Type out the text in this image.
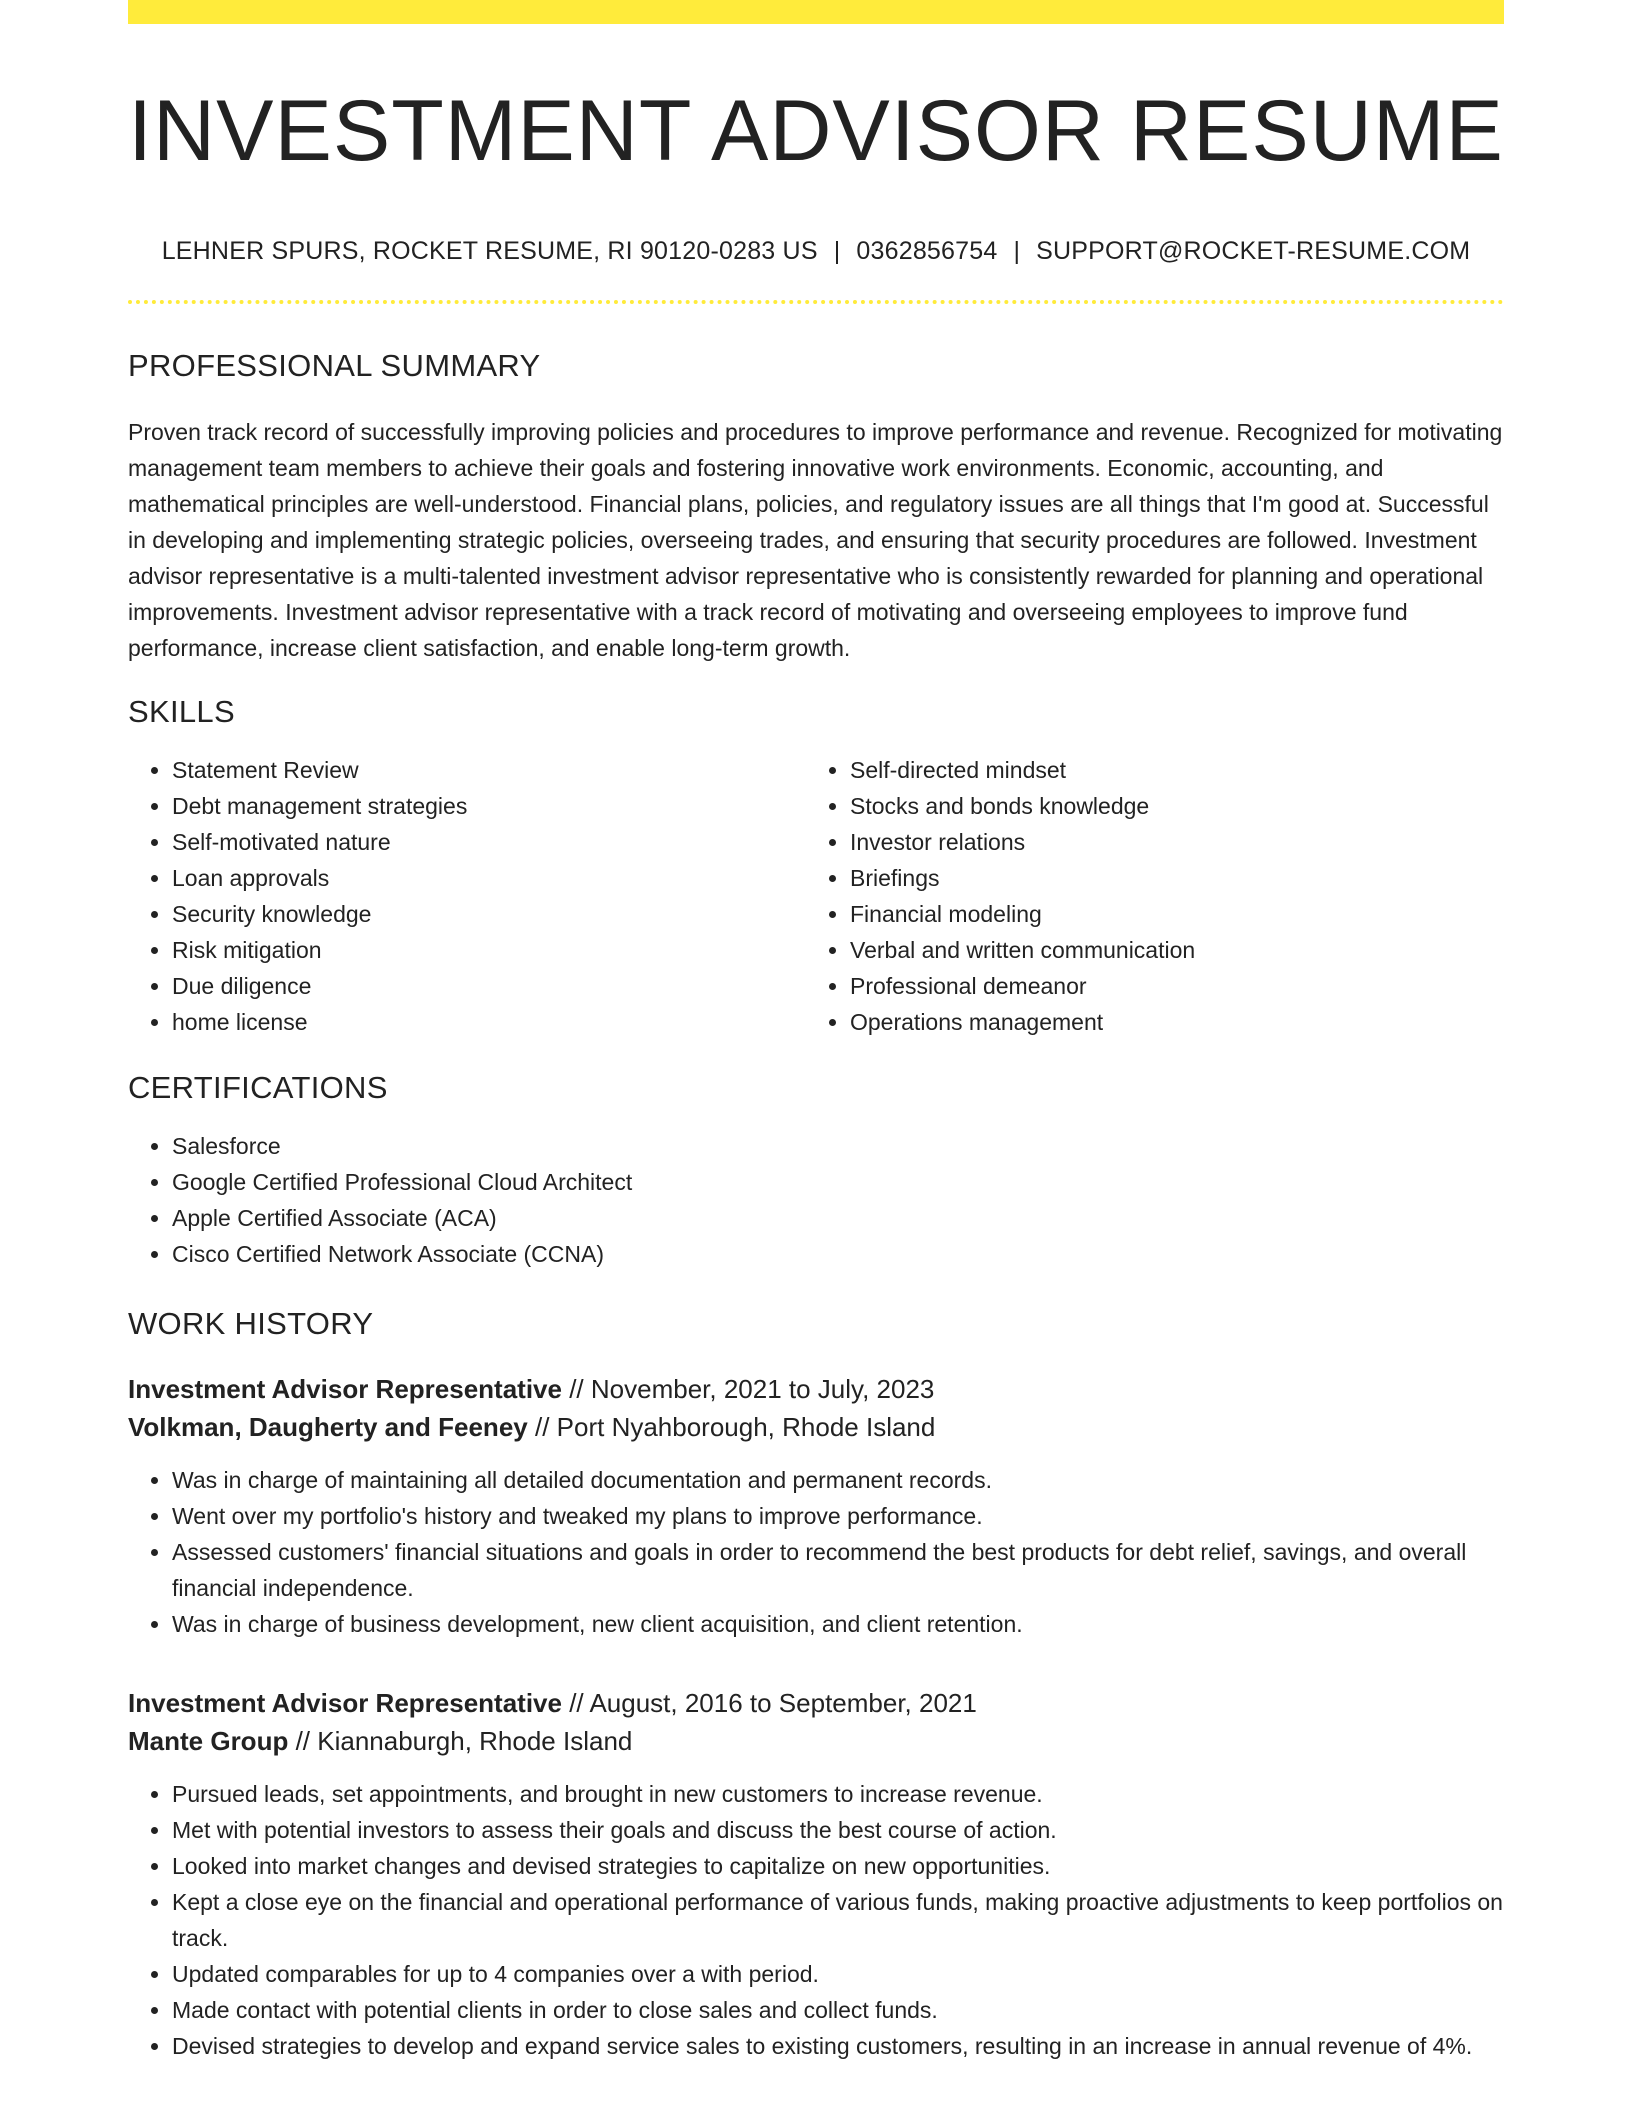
INVESTMENT ADVISOR RESUME
LEHNER SPURS, ROCKET RESUME, RI 90120-0283 US | 0362856754 | SUPPORT@ROCKET-RESUME.COM
PROFESSIONAL SUMMARY

Proven track record of successfully improving policies and procedures to improve performance and revenue. Recognized for motivating management team members to achieve their goals and fostering innovative work environments. Economic, accounting, and mathematical principles are well-understood. Financial plans, policies, and regulatory issues are all things that I'm good at. Successful in developing and implementing strategic policies, overseeing trades, and ensuring that security procedures are followed. Investment advisor representative is a multi-talented investment advisor representative who is consistently rewarded for planning and operational improvements. Investment advisor representative with a track record of motivating and overseeing employees to improve fund performance, increase client satisfaction, and enable long-term growth.

SKILLS
• Statement Review
• Debt management strategies
• Self-motivated nature
• Loan approvals
• Security knowledge
• Risk mitigation
• Due diligence
• home license
• Self-directed mindset
• Stocks and bonds knowledge
• Investor relations
• Briefings
• Financial modeling
• Verbal and written communication
• Professional demeanor
• Operations management
CERTIFICATIONS
• Salesforce
• Google Certified Professional Cloud Architect
• Apple Certified Associate (ACA)
• Cisco Certified Network Associate (CCNA)
WORK HISTORY
Investment Advisor Representative // November, 2021 to July, 2023
Volkman, Daugherty and Feeney // Port Nyahborough, Rhode Island
• Was in charge of maintaining all detailed documentation and permanent records.
• Went over my portfolio's history and tweaked my plans to improve performance.
• Assessed customers' financial situations and goals in order to recommend the best products for debt relief, savings, and overall financial independence.
• Was in charge of business development, new client acquisition, and client retention.
Investment Advisor Representative // August, 2016 to September, 2021
Mante Group // Kiannaburgh, Rhode Island
• Pursued leads, set appointments, and brought in new customers to increase revenue.
• Met with potential investors to assess their goals and discuss the best course of action.
• Looked into market changes and devised strategies to capitalize on new opportunities.
• Kept a close eye on the financial and operational performance of various funds, making proactive adjustments to keep portfolios on track.
• Updated comparables for up to 4 companies over a with period.
• Made contact with potential clients in order to close sales and collect funds.
• Devised strategies to develop and expand service sales to existing customers, resulting in an increase in annual revenue of 4%.
